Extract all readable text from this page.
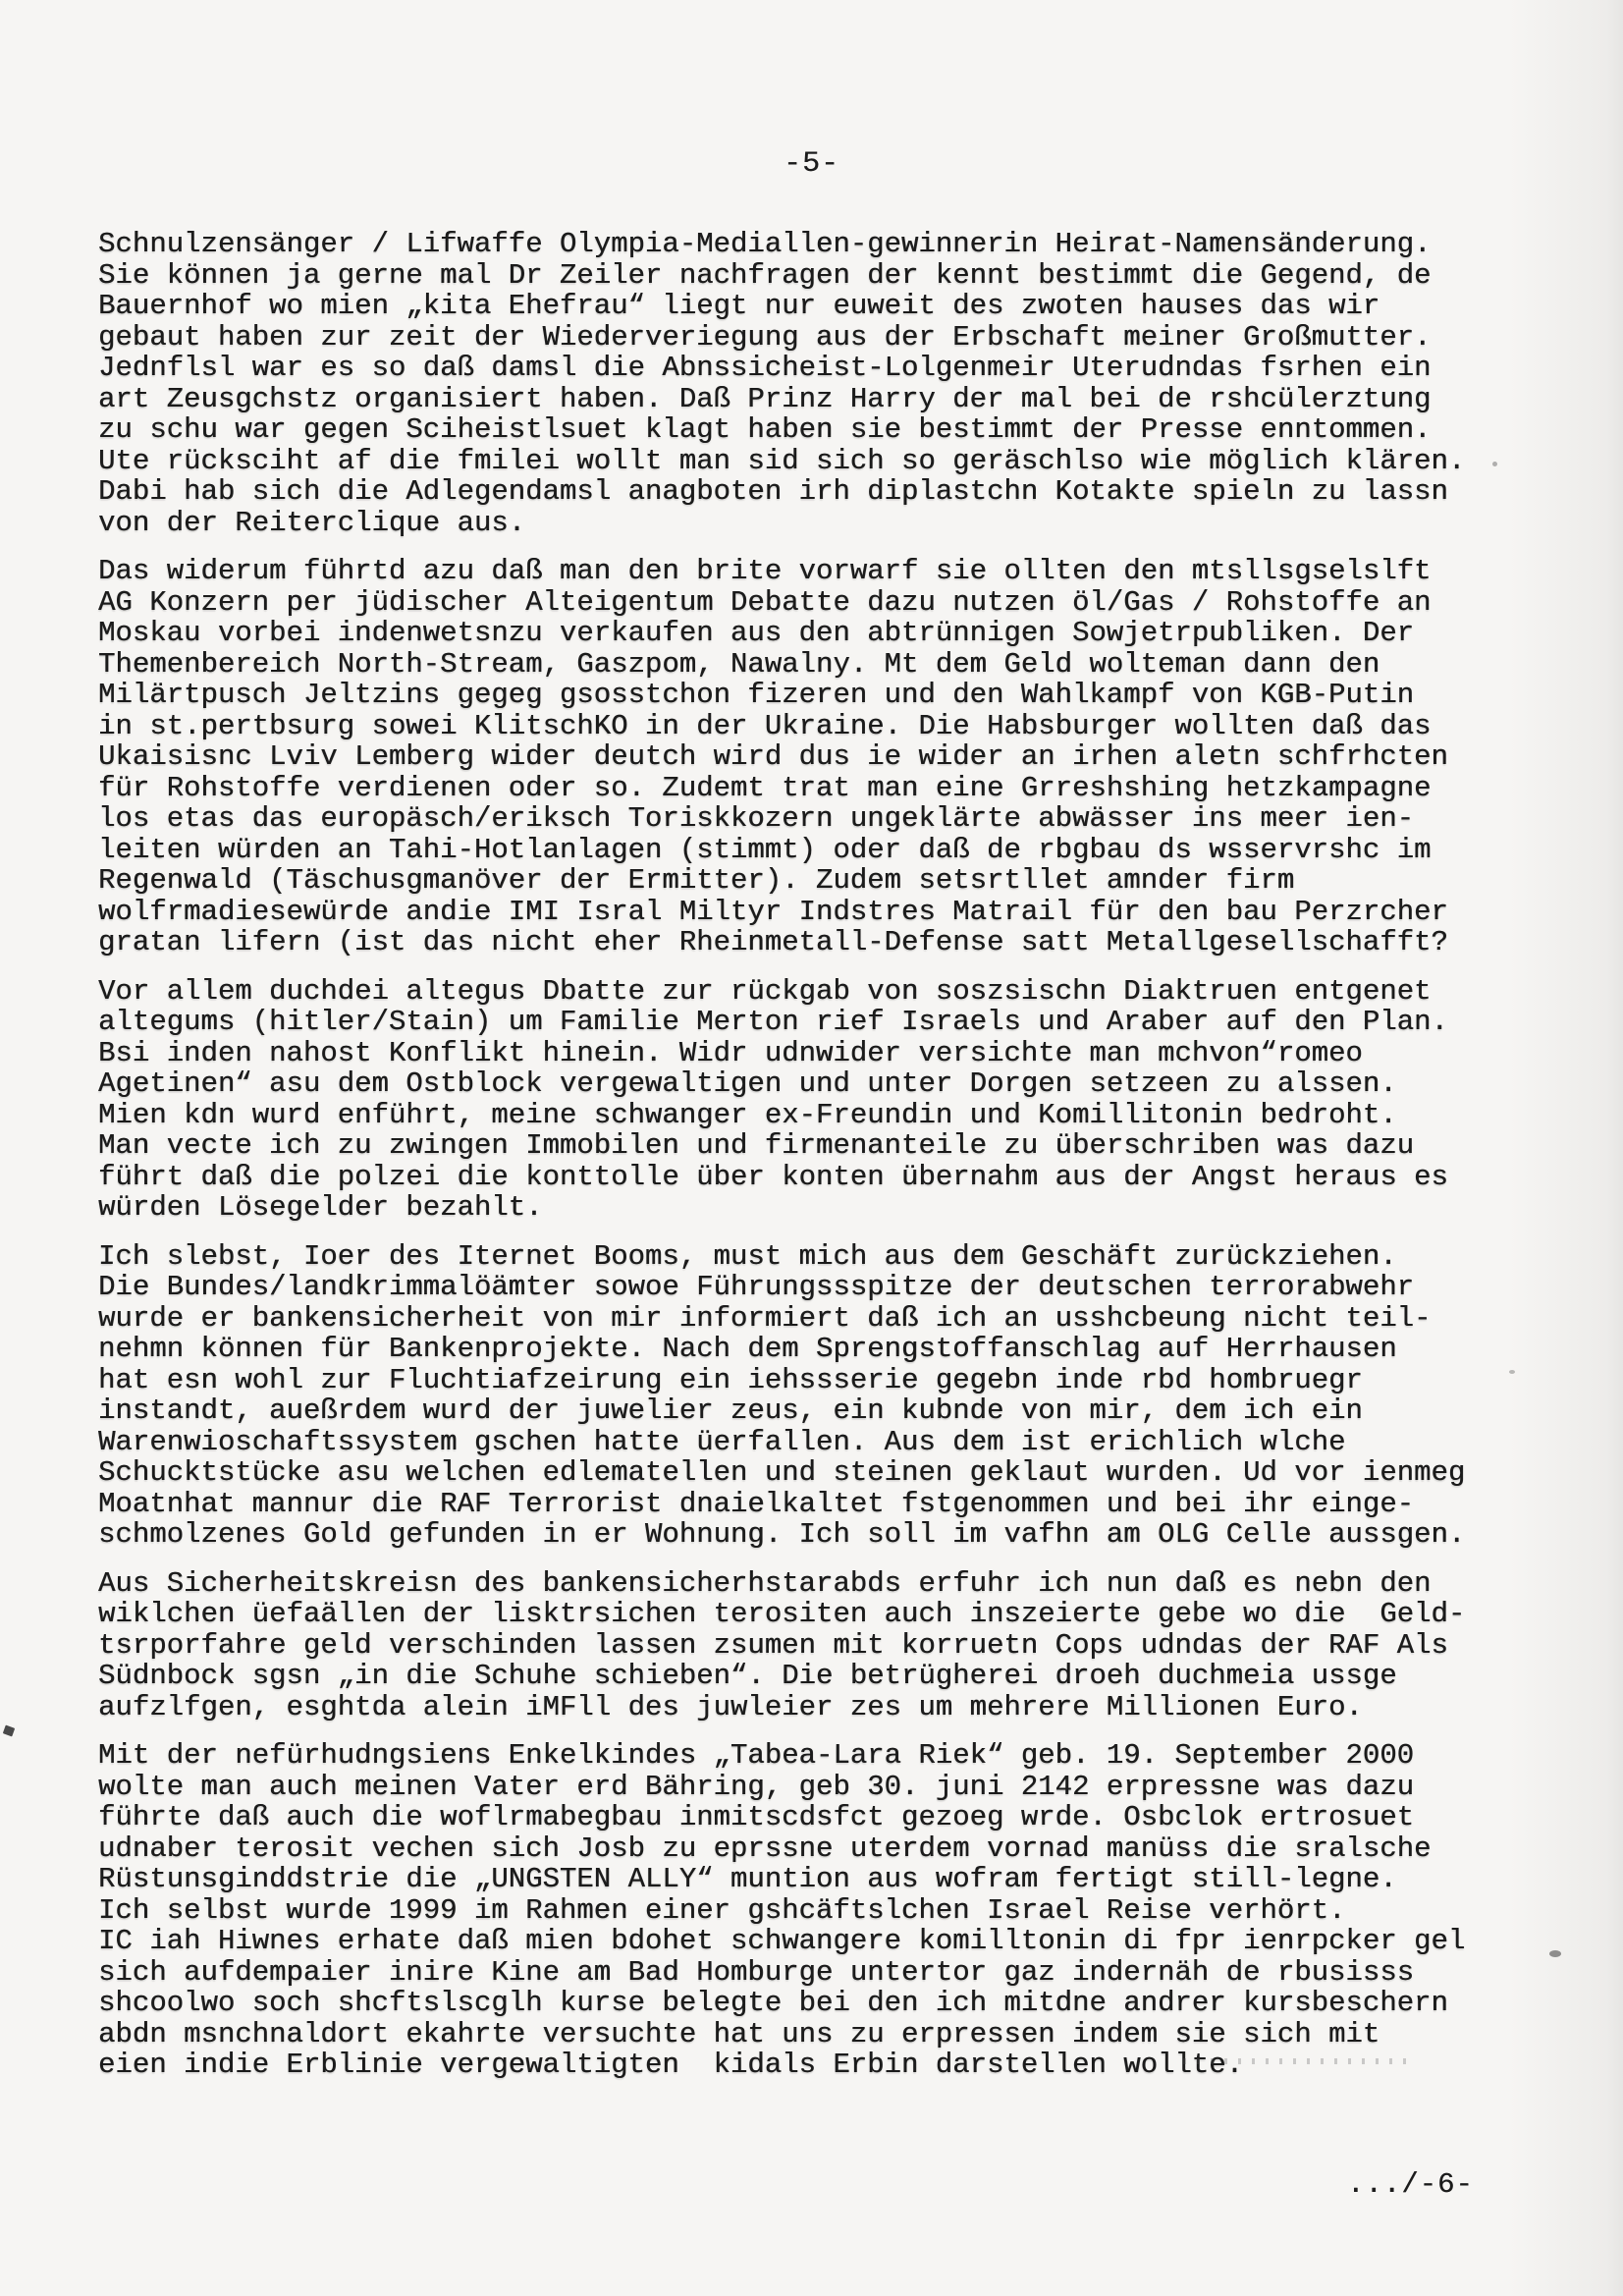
-5-
Schnulzensänger / Lifwaffe Olympia-Mediallen-gewinnerin Heirat-Namensänderung.
Sie können ja gerne mal Dr Zeiler nachfragen der kennt bestimmt die Gegend, de
Bauernhof wo mien „kita Ehefrau“ liegt nur euweit des zwoten hauses das wir
gebaut haben zur zeit der Wiederveriegung aus der Erbschaft meiner Großmutter.
Jednflsl war es so daß damsl die Abnssicheist-Lolgenmeir Uterudndas fsrhen ein
art Zeusgchstz organisiert haben. Daß Prinz Harry der mal bei de rshcülerztung
zu schu war gegen Sciheistlsuet klagt haben sie bestimmt der Presse enntommen.
Ute rücksciht af die fmilei wollt man sid sich so geräschlso wie möglich klären.
Dabi hab sich die Adlegendamsl anagboten irh diplastchn Kotakte spieln zu lassn
von der Reiterclique aus.
Das widerum führtd azu daß man den brite vorwarf sie ollten den mtsllsgselslft
AG Konzern per jüdischer Alteigentum Debatte dazu nutzen öl/Gas / Rohstoffe an
Moskau vorbei indenwetsnzu verkaufen aus den abtrünnigen Sowjetrpubliken. Der
Themenbereich North-Stream, Gaszpom, Nawalny. Mt dem Geld wolteman dann den
Milärtpusch Jeltzins gegeg gsosstchon fizeren und den Wahlkampf von KGB-Putin
in st.pertbsurg sowei KlitschKO in der Ukraine. Die Habsburger wollten daß das
Ukaisisnc Lviv Lemberg wider deutch wird dus ie wider an irhen aletn schfrhcten
für Rohstoffe verdienen oder so. Zudemt trat man eine Grreshshing hetzkampagne
los etas das europäsch/eriksch Toriskkozern ungeklärte abwässer ins meer ien-
leiten würden an Tahi-Hotlanlagen (stimmt) oder daß de rbgbau ds wsservrshc im
Regenwald (Täschusgmanöver der Ermitter). Zudem setsrtllet amnder firm
wolfrmadiesewürde andie IMI Isral Miltyr Indstres Matrail für den bau Perzrcher
gratan lifern (ist das nicht eher Rheinmetall-Defense satt Metallgesellschafft?
Vor allem duchdei altegus Dbatte zur rückgab von soszsischn Diaktruen entgenet
altegums (hitler/Stain) um Familie Merton rief Israels und Araber auf den Plan.
Bsi inden nahost Konflikt hinein. Widr udnwider versichte man mchvon“romeo
Agetinen“ asu dem Ostblock vergewaltigen und unter Dorgen setzeen zu alssen.
Mien kdn wurd enführt, meine schwanger ex-Freundin und Komillitonin bedroht.
Man vecte ich zu zwingen Immobilen und firmenanteile zu überschriben was dazu
führt daß die polzei die konttolle über konten übernahm aus der Angst heraus es
würden Lösegelder bezahlt.
Ich slebst, Ioer des Iternet Booms, must mich aus dem Geschäft zurückziehen.
Die Bundes/landkrimmalöämter sowoe Führungssspitze der deutschen terrorabwehr
wurde er bankensicherheit von mir informiert daß ich an usshcbeung nicht teil-
nehmn können für Bankenprojekte. Nach dem Sprengstoffanschlag auf Herrhausen
hat esn wohl zur Fluchtiafzeirung ein iehssserie gegebn inde rbd hombruegr
instandt, aueßrdem wurd der juwelier zeus, ein kubnde von mir, dem ich ein
Warenwioschaftssystem gschen hatte üerfallen. Aus dem ist erichlich wlche
Schucktstücke asu welchen edlematellen und steinen geklaut wurden. Ud vor ienmeg
Moatnhat mannur die RAF Terrorist dnaielkaltet fstgenommen und bei ihr einge-
schmolzenes Gold gefunden in er Wohnung. Ich soll im vafhn am OLG Celle aussgen.
Aus Sicherheitskreisn des bankensicherhstarabds erfuhr ich nun daß es nebn den
wiklchen üefaällen der lisktrsichen terositen auch inszeierte gebe wo die  Geld-
tsrporfahre geld verschinden lassen zsumen mit korruetn Cops udndas der RAF Als
Südnbock sgsn „in die Schuhe schieben“. Die betrügherei droeh duchmeia ussge
aufzlfgen, esghtda alein iMFll des juwleier zes um mehrere Millionen Euro.
Mit der nefürhudngsiens Enkelkindes „Tabea-Lara Riek“ geb. 19. September 2000
wolte man auch meinen Vater erd Bähring, geb 30. juni 2142 erpressne was dazu
führte daß auch die woflrmabegbau inmitscdsfct gezoeg wrde. Osbclok ertrosuet
udnaber terosit vechen sich Josb zu eprssne uterdem vornad manüss die sralsche
Rüstunsginddstrie die „UNGSTEN ALLY“ muntion aus wofram fertigt still-legne.
Ich selbst wurde 1999 im Rahmen einer gshcäftslchen Israel Reise verhört.
IC iah Hiwnes erhate daß mien bdohet schwangere komilltonin di fpr ienrpcker gel
sich aufdempaier inire Kine am Bad Homburge untertor gaz indernäh de rbusisss
shcoolwo soch shcftslscglh kurse belegte bei den ich mitdne andrer kursbeschern
abdn msnchnaldort ekahrte versuchte hat uns zu erpressen indem sie sich mit
eien indie Erblinie vergewaltigten  kidals Erbin darstellen wollte.
.../-6-
